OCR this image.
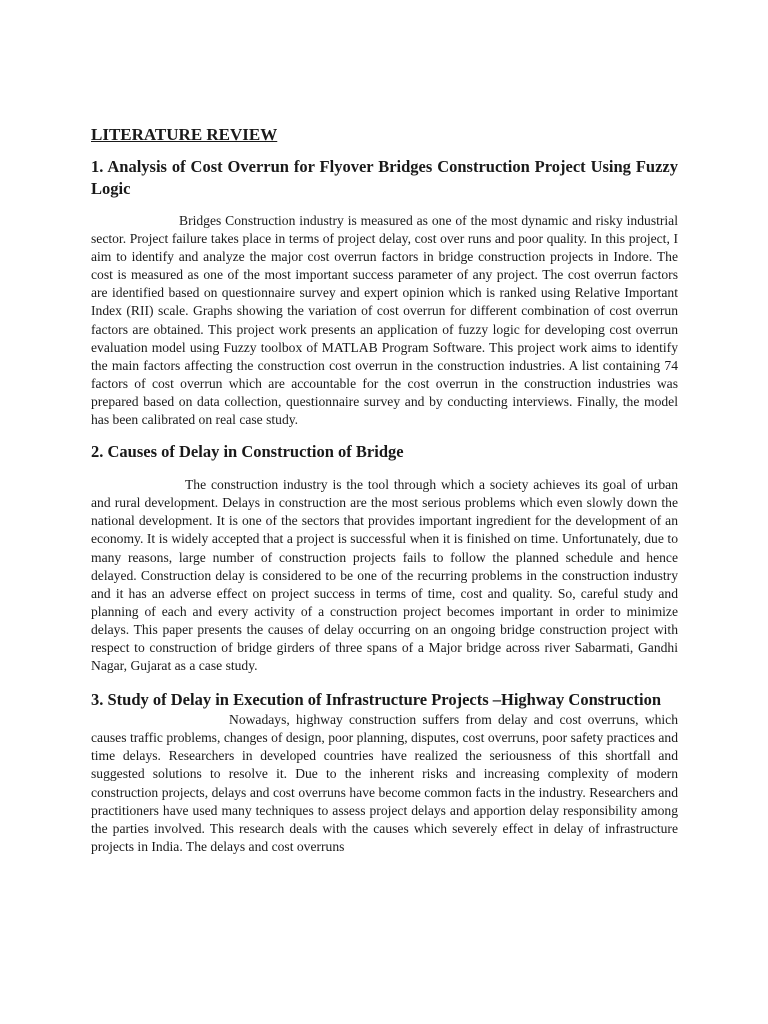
LITERATURE REVIEW
1. Analysis of Cost Overrun for Flyover Bridges Construction Project Using Fuzzy Logic

Bridges Construction industry is measured as one of the most dynamic and risky industrial sector. Project failure takes place in terms of project delay, cost over runs and poor quality. In this project, I aim to identify and analyze the major cost overrun factors in bridge construction projects in Indore. The cost is measured as one of the most important success parameter of any project. The cost overrun factors are identified based on questionnaire survey and expert opinion which is ranked using Relative Important Index (RII) scale. Graphs showing the variation of cost overrun for different combination of cost overrun factors are obtained. This project work presents an application of fuzzy logic for developing cost overrun evaluation model using Fuzzy toolbox of MATLAB Program Software. This project work aims to identify the main factors affecting the construction cost overrun in the construction industries. A list containing 74 factors of cost overrun which are accountable for the cost overrun in the construction industries was prepared based on data collection, questionnaire survey and by conducting interviews. Finally, the model has been calibrated on real case study.

2. Causes of Delay in Construction of Bridge

The construction industry is the tool through which a society achieves its goal of urban and rural development. Delays in construction are the most serious problems which even slowly down the national development. It is one of the sectors that provides important ingredient for the development of an economy. It is widely accepted that a project is successful when it is finished on time. Unfortunately, due to many reasons, large number of construction projects fails to follow the planned schedule and hence delayed. Construction delay is considered to be one of the recurring problems in the construction industry and it has an adverse effect on project success in terms of time, cost and quality. So, careful study and planning of each and every activity of a construction project becomes important in order to minimize delays. This paper presents the causes of delay occurring on an ongoing bridge construction project with respect to construction of bridge girders of three spans of a Major bridge across river Sabarmati, Gandhi Nagar, Gujarat as a case study.

3. Study of Delay in Execution of Infrastructure Projects –Highway Construction

Nowadays, highway construction suffers from delay and cost overruns, which causes traffic problems, changes of design, poor planning, disputes, cost overruns, poor safety practices and time delays. Researchers in developed countries have realized the seriousness of this shortfall and suggested solutions to resolve it. Due to the inherent risks and increasing complexity of modern construction projects, delays and cost overruns have become common facts in the industry. Researchers and practitioners have used many techniques to assess project delays and apportion delay responsibility among the parties involved. This research deals with the causes which severely effect in delay of infrastructure projects in India. The delays and cost overruns
